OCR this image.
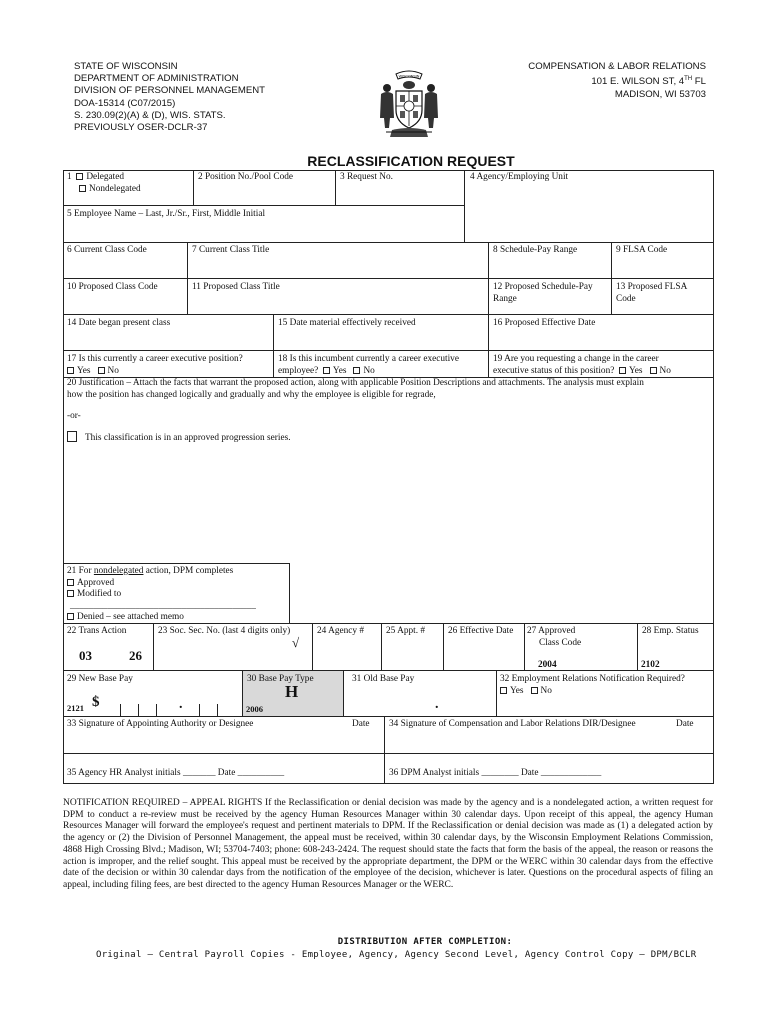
STATE OF WISCONSIN
DEPARTMENT OF ADMINISTRATION
DIVISION OF PERSONNEL MANAGEMENT
DOA-15314 (C07/2015)
S. 230.09(2)(A) & (D), WIS. STATS.
PREVIOUSLY OSER-DCLR-37
COMPENSATION & LABOR RELATIONS
101 E. WILSON ST, 4TH FL
MADISON, WI 53703
WISCONSIN
RECLASSIFICATION REQUEST
1 Delegated
Nondelegated
2 Position No./Pool Code	3 Request No.	4 Agency/Employing Unit
5 Employee Name – Last, Jr./Sr., First, Middle Initial
6 Current Class Code	7 Current Class Title	8 Schedule-Pay Range	9 FLSA Code
10 Proposed Class Code	11 Proposed Class Title	12 Proposed Schedule-Pay
Range
13 Proposed FLSA
Code
14 Date began present class	15 Date material effectively received	16 Proposed Effective Date
17 Is this currently a career executive position?
Yes No
18 Is this incumbent currently a career executive
employee? Yes No
19 Are you requesting a change in the career
executive status of this position? Yes No
20 Justification – Attach the facts that warrant the proposed action, along with applicable Position Descriptions and attachments. The analysis must explain
how the position has changed logically and gradually and why the employee is eligible for regrade,
-or-
This classification is in an approved progression series.
21 For nondelegated action, DPM completes
Approved
Modified to
________________________________________
Denied – see attached memo
22 Trans Action
03	26
23 Soc. Sec. No. (last 4 digits only)
√
24 Agency # 25 Appt. # 26 Effective Date 27 Approved
Class Code
2004
28 Emp. Status
2102
29 New Base Pay
2121 $	.
30 Base Pay Type
H
2006
31 Old Base Pay
.
32 Employment Relations Notification Required?
Yes No
33 Signature of Appointing Authority or Designee	Date 34 Signature of Compensation and Labor Relations DIR/Designee	Date
35 Agency HR Analyst initials _______ Date __________	36 DPM Analyst initials ________ Date _____________
NOTIFICATION REQUIRED – APPEAL RIGHTS If the Reclassification or denial decision was made by the agency and is a nondelegated action, a written request for DPM to conduct a re-review must be received by the agency Human Resources Manager within 30 calendar days. Upon receipt of this appeal, the agency Human Resources Manager will forward the employee's request and pertinent materials to DPM. If the Reclassification or denial decision was made as (1) a delegated action by the agency or (2) the Division of Personnel Management, the appeal must be received, within 30 calendar days, by the Wisconsin Employment Relations Commission, 4868 High Crossing Blvd.; Madison, WI; 53704-7403; phone: 608-243-2424. The request should state the facts that form the basis of the appeal, the reason or reasons the action is improper, and the relief sought. This appeal must be received by the appropriate department, the DPM or the WERC within 30 calendar days from the effective date of the decision or within 30 calendar days from the notification of the employee of the decision, whichever is later. Questions on the procedural aspects of filing an appeal, including filing fees, are best directed to the agency Human Resources Manager or the WERC.
DISTRIBUTION AFTER COMPLETION:
Original – Central Payroll Copies - Employee, Agency, Agency Second Level, Agency Control Copy – DPM/BCLR
